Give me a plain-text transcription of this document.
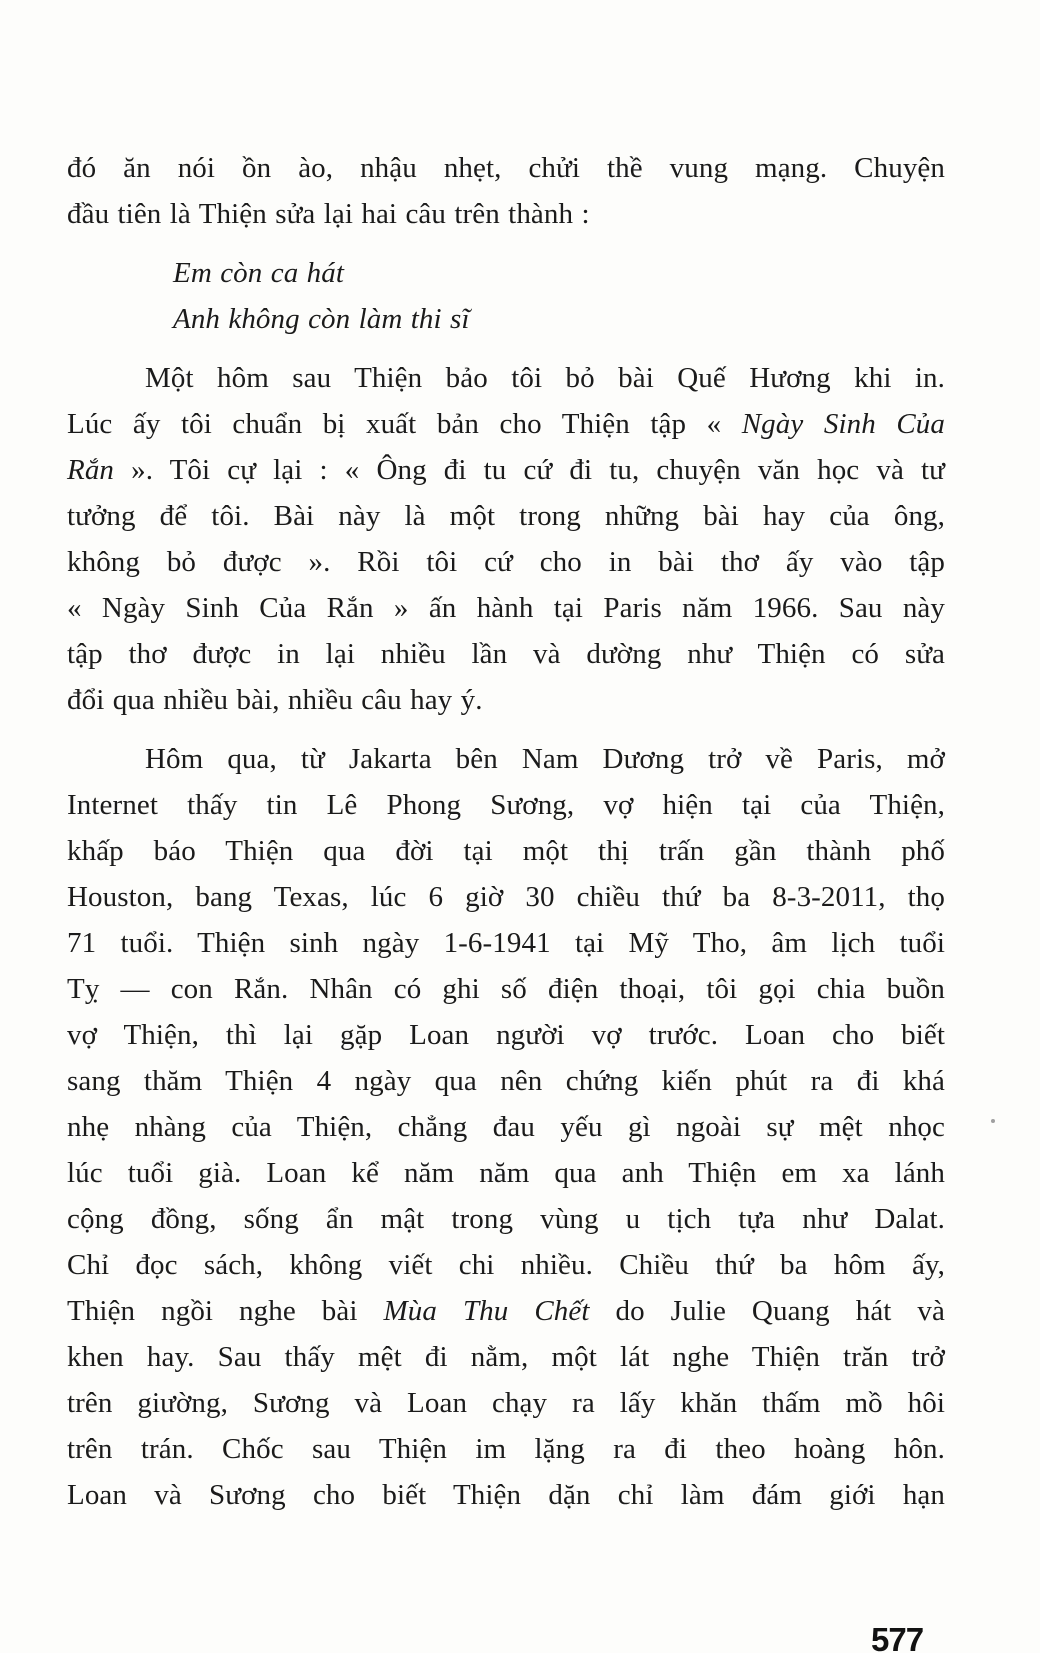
đó ăn nói ồn ào, nhậu nhẹt, chửi thề vung mạng. Chuyện
đầu tiên là Thiện sửa lại hai câu trên thành :
Em còn ca hát
Anh không còn làm thi sĩ
Một hôm sau Thiện bảo tôi bỏ bài Quế Hương khi in.
Lúc ấy tôi chuẩn bị xuất bản cho Thiện tập « Ngày Sinh Của
Rắn ». Tôi cự lại : « Ông đi tu cứ đi tu, chuyện văn học và tư
tưởng để tôi. Bài này là một trong những bài hay của ông,
không bỏ được ». Rồi tôi cứ cho in bài thơ ấy vào tập
« Ngày Sinh Của Rắn » ấn hành tại Paris năm 1966. Sau này
tập thơ được in lại nhiều lần và dường như Thiện có sửa
đổi qua nhiều bài, nhiều câu hay ý.
Hôm qua, từ Jakarta bên Nam Dương trở về Paris, mở
Internet thấy tin Lê Phong Sương, vợ hiện tại của Thiện,
khấp báo Thiện qua đời tại một thị trấn gần thành phố
Houston, bang Texas, lúc 6 giờ 30 chiều thứ ba 8-3-2011, thọ
71 tuổi. Thiện sinh ngày 1-6-1941 tại Mỹ Tho, âm lịch tuổi
Tỵ — con Rắn. Nhân có ghi số điện thoại, tôi gọi chia buồn
vợ Thiện, thì lại gặp Loan người vợ trước. Loan cho biết
sang thăm Thiện 4 ngày qua nên chứng kiến phút ra đi khá
nhẹ nhàng của Thiện, chẳng đau yếu gì ngoài sự mệt nhọc
lúc tuổi già. Loan kể năm năm qua anh Thiện em xa lánh
cộng đồng, sống ẩn mật trong vùng u tịch tựa như Dalat.
Chỉ đọc sách, không viết chi nhiều. Chiều thứ ba hôm ấy,
Thiện ngồi nghe bài Mùa Thu Chết do Julie Quang hát và
khen hay. Sau thấy mệt đi nằm, một lát nghe Thiện trăn trở
trên giường, Sương và Loan chạy ra lấy khăn thấm mồ hôi
trên trán. Chốc sau Thiện im lặng ra đi theo hoàng hôn.
Loan và Sương cho biết Thiện dặn chỉ làm đám giới hạn
577
